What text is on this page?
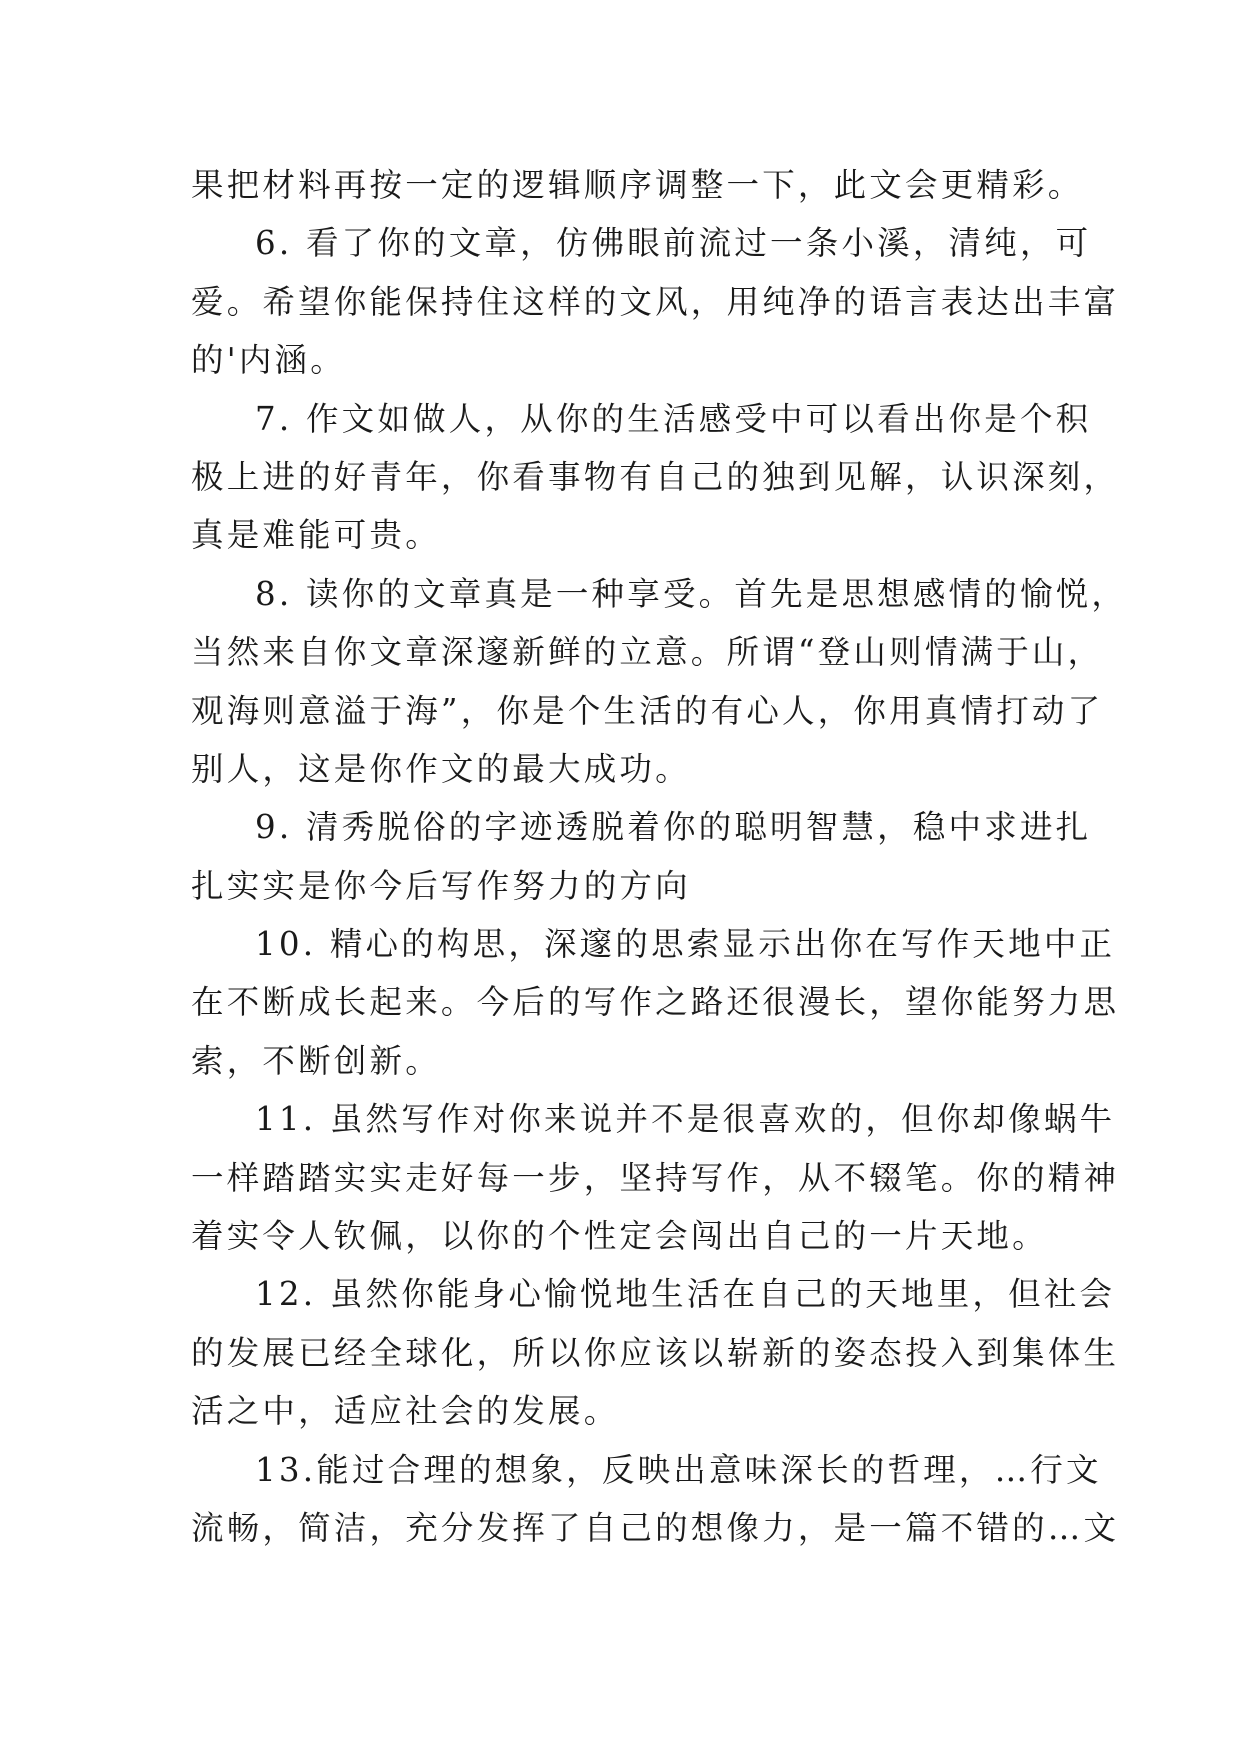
果把材料再按一定的逻辑顺序调整一下，此文会更精彩。
6. 看了你的文章，仿佛眼前流过一条小溪，清纯，可
爱。希望你能保持住这样的文风，用纯净的语言表达出丰富
的'内涵。
7. 作文如做人，从你的生活感受中可以看出你是个积
极上进的好青年，你看事物有自己的独到见解，认识深刻，
真是难能可贵。
8. 读你的文章真是一种享受。首先是思想感情的愉悦，
当然来自你文章深邃新鲜的立意。所谓“登山则情满于山，
观海则意溢于海”，你是个生活的有心人，你用真情打动了
别人，这是你作文的最大成功。
9. 清秀脱俗的字迹透脱着你的聪明智慧，稳中求进扎
扎实实是你今后写作努力的方向
10. 精心的构思，深邃的思索显示出你在写作天地中正
在不断成长起来。今后的写作之路还很漫长，望你能努力思
索，不断创新。
11. 虽然写作对你来说并不是很喜欢的，但你却像蜗牛
一样踏踏实实走好每一步，坚持写作，从不辍笔。你的精神
着实令人钦佩，以你的个性定会闯出自己的一片天地。
12. 虽然你能身心愉悦地生活在自己的天地里，但社会
的发展已经全球化，所以你应该以崭新的姿态投入到集体生
活之中，适应社会的发展。
13.能过合理的想象，反映出意味深长的哲理，…行文
流畅，简洁，充分发挥了自己的想像力，是一篇不错的…文
